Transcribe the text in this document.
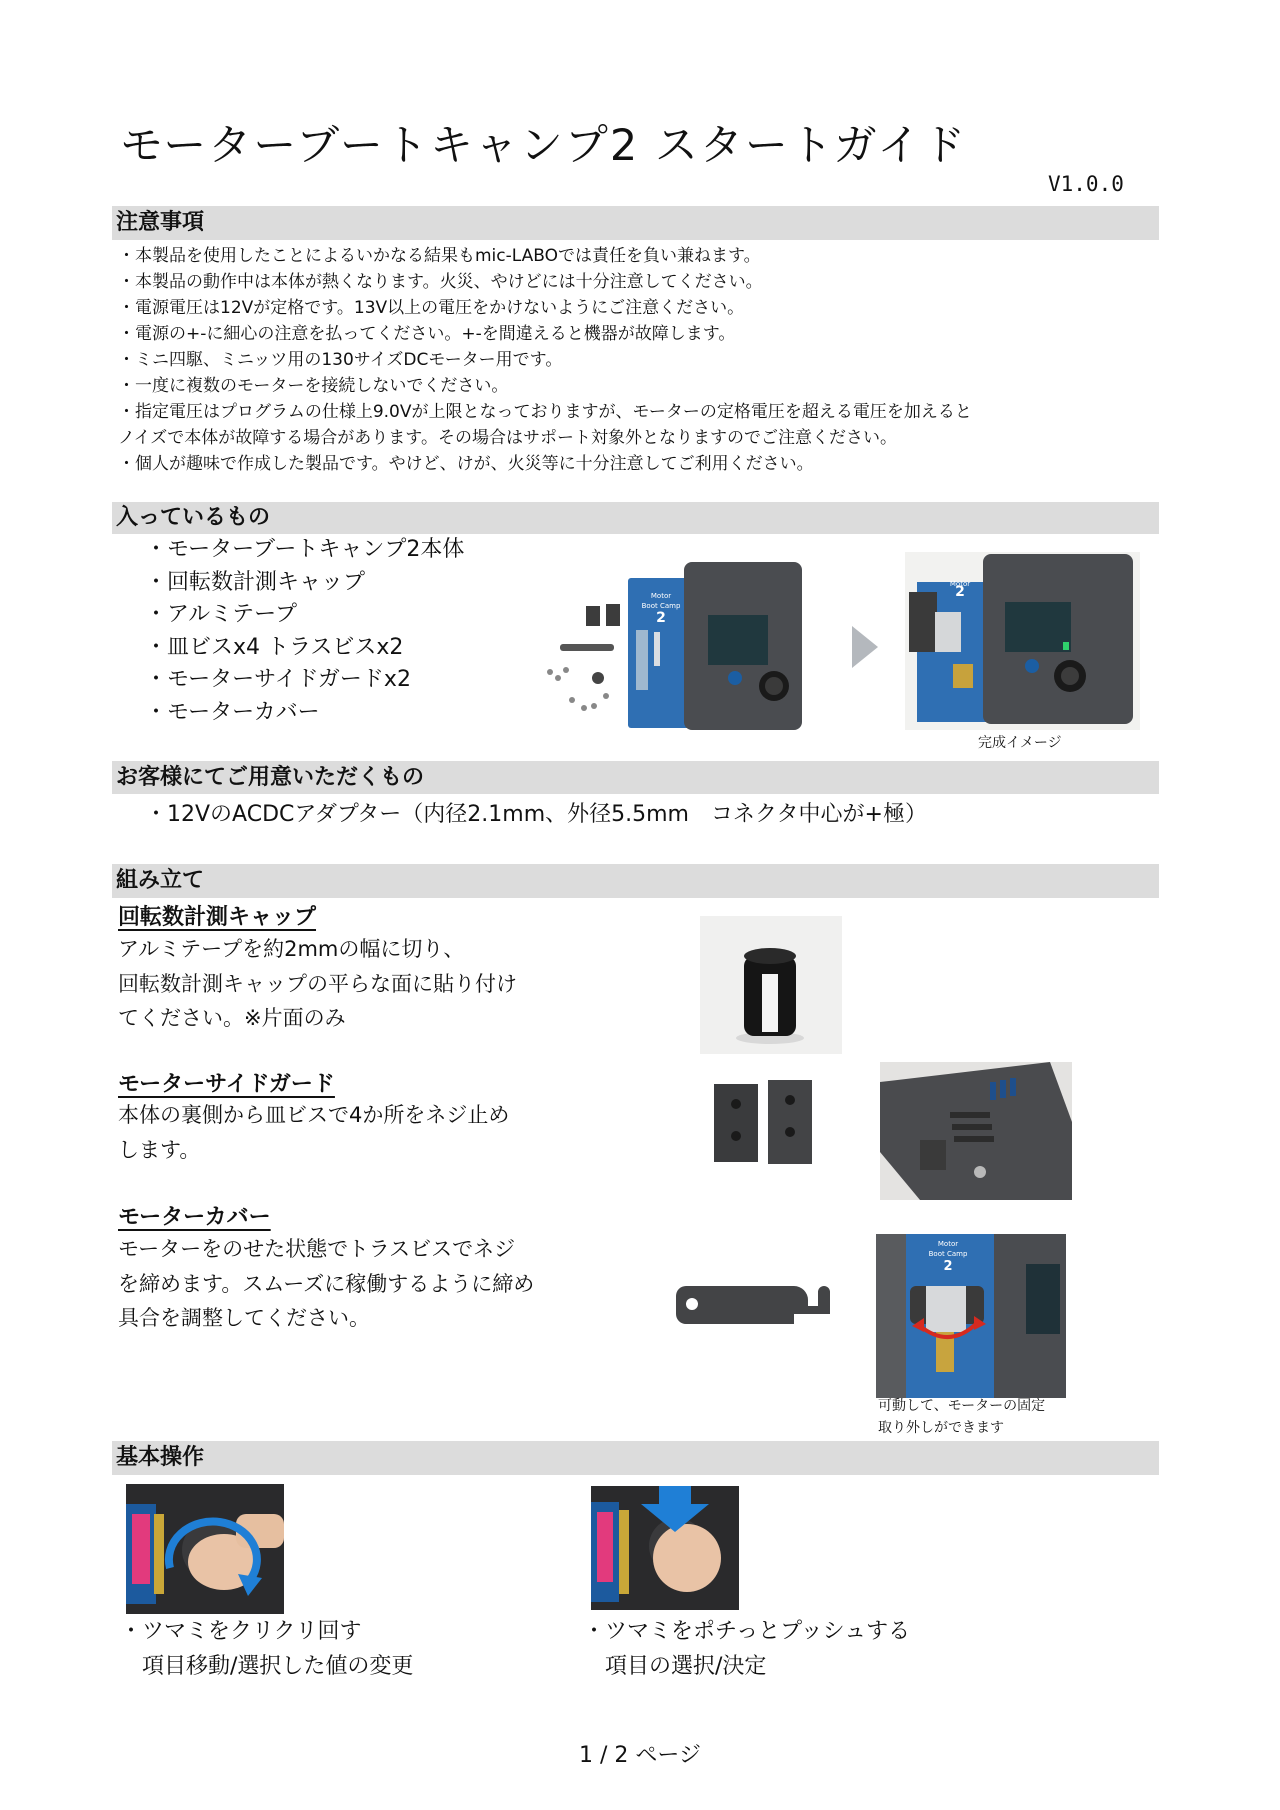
モーターブートキャンプ2 スタートガイド
V1.0.0
注意事項
・本製品を使用したことによるいかなる結果もmic-LABOでは責任を負い兼ねます。
・本製品の動作中は本体が熱くなります。火災、やけどには十分注意してください。
・電源電圧は12Vが定格です。13V以上の電圧をかけないようにご注意ください。
・電源の+-に細心の注意を払ってください。+-を間違えると機器が故障します。
・ミニ四駆、ミニッツ用の130サイズDCモーター用です。
・一度に複数のモーターを接続しないでください。
・指定電圧はプログラムの仕様上9.0Vが上限となっておりますが、モーターの定格電圧を超える電圧を加えると
ノイズで本体が故障する場合があります。その場合はサポート対象外となりますのでご注意ください。
・個人が趣味で作成した製品です。やけど、けが、火災等に十分注意してご利用ください。
入っているもの
・モーターブートキャンプ2本体
・回転数計測キャップ
・アルミテープ
・皿ビスx4 トラスビスx2
・モーターサイドガードx2
・モーターカバー
Motor
Boot Camp
2
Motor
2
完成イメージ
お客様にてご用意いただくもの
・12VのACDCアダプター（内径2.1mm、外径5.5mm　コネクタ中心が+極）
組み立て
回転数計測キャップ
アルミテープを約2mmの幅に切り、
回転数計測キャップの平らな面に貼り付け
てください。※片面のみ
モーターサイドガード
本体の裏側から皿ビスで4か所をネジ止め
します。
モーターカバー
モーターをのせた状態でトラスビスでネジ
を締めます。スムーズに稼働するように締め
具合を調整してください。
Motor
Boot Camp
2
可動して、モーターの固定
取り外しができます
基本操作
・ツマミをクリクリ回す
　項目移動/選択した値の変更
・ツマミをポチっとプッシュする
　項目の選択/決定
1 / 2 ページ
